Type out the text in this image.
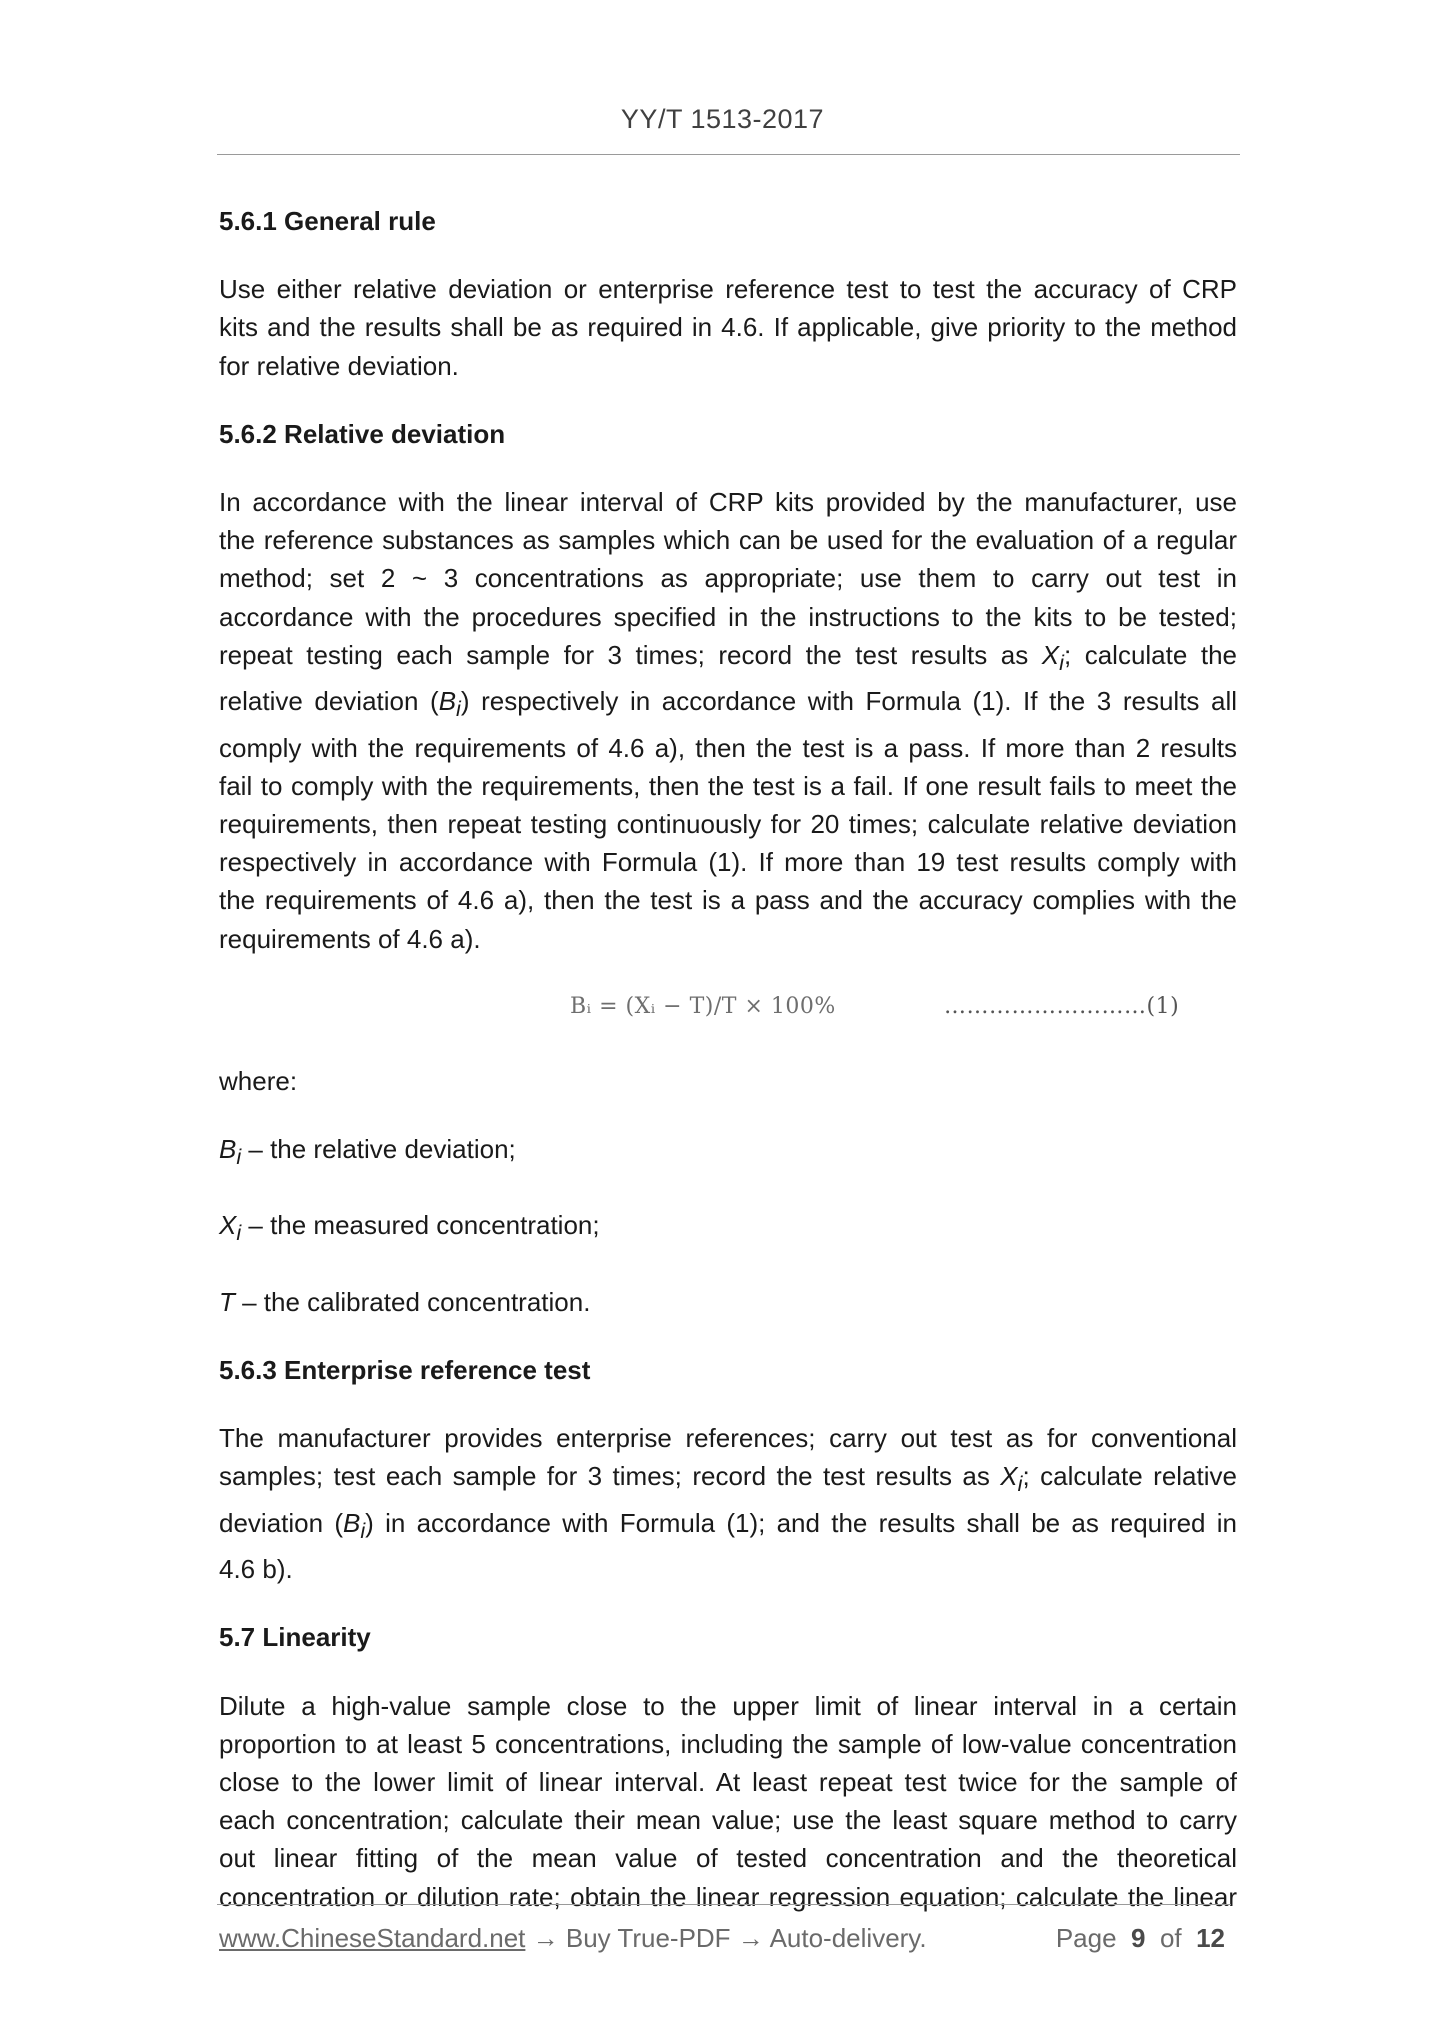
YY/T 1513-2017
5.6.1 General rule
Use either relative deviation or enterprise reference test to test the accuracy of CRP
kits and the results shall be as required in 4.6. If applicable, give priority to the method
for relative deviation.
5.6.2 Relative deviation
In accordance with the linear interval of CRP kits provided by the manufacturer, use
the reference substances as samples which can be used for the evaluation of a regular
method; set 2 ~ 3 concentrations as appropriate; use them to carry out test in
accordance with the procedures specified in the instructions to the kits to be tested;
repeat testing each sample for 3 times; record the test results as $X_i$; calculate the
relative deviation $(B_i)$ respectively in accordance with Formula (1). If the 3 results all
comply with the requirements of 4.6 a), then the test is a pass. If more than 2 results
fail to comply with the requirements, then the test is a fail. If one result fails to meet the
requirements, then repeat testing continuously for 20 times; calculate relative deviation
respectively in accordance with Formula (1). If more than 19 test results comply with
the requirements of 4.6 a), then the test is a pass and the accuracy complies with the
requirements of 4.6 a).
Bᵢ = (Xᵢ − T)/T × 100%	………………………(1)
where:
$B_i$ – the relative deviation;
$X_i$ – the measured concentration;
T – the calibrated concentration.
5.6.3 Enterprise reference test
The manufacturer provides enterprise references; carry out test as for conventional
samples; test each sample for 3 times; record the test results as $X_i$; calculate relative
deviation $(B_i)$ in accordance with Formula (1); and the results shall be as required in
4.6 b).
5.7 Linearity
Dilute a high-value sample close to the upper limit of linear interval in a certain
proportion to at least 5 concentrations, including the sample of low-value concentration
close to the lower limit of linear interval. At least repeat test twice for the sample of
each concentration; calculate their mean value; use the least square method to carry
out linear fitting of the mean value of tested concentration and the theoretical
concentration or dilution rate; obtain the linear regression equation; calculate the linear
www.ChineseStandard.net → Buy True-PDF → Auto-delivery.	Page 9 of 12
